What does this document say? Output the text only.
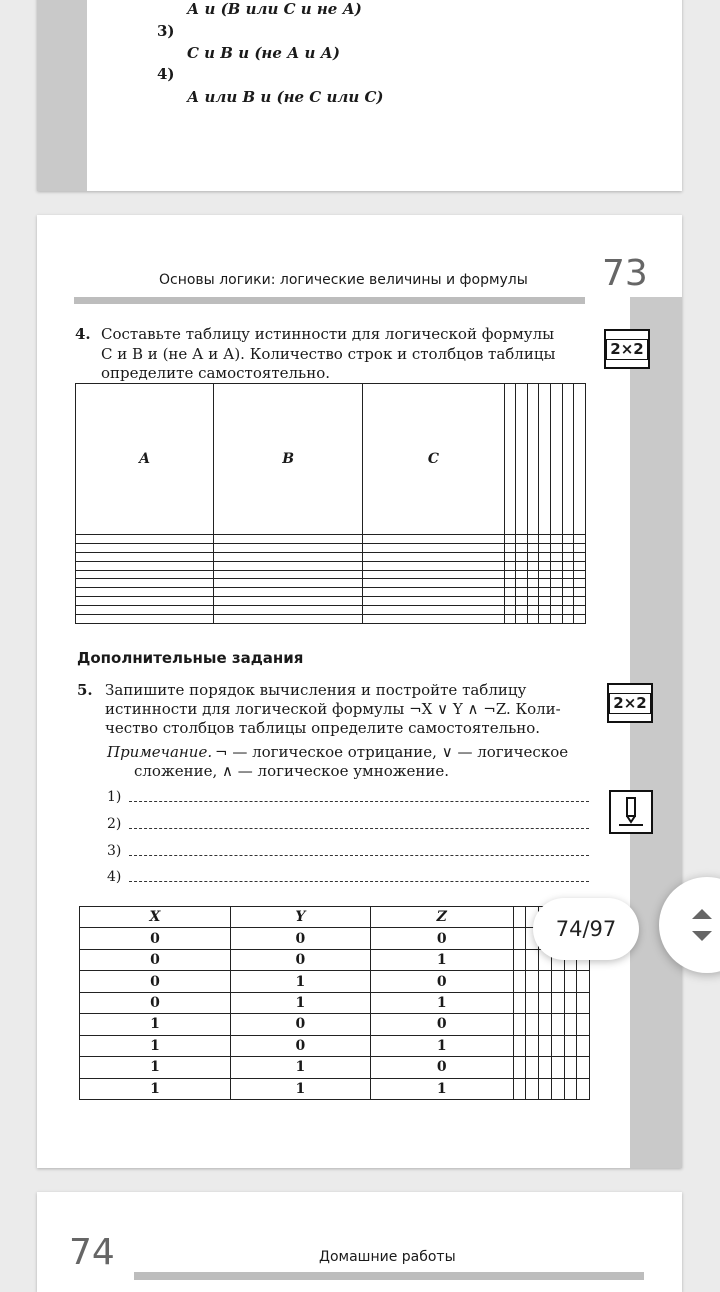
А и (В или С и не А)
3)
С и В и (не А и А)
4)
А или В и (не С или С)
Основы логики: логические величины и формулы 73
4. Составьте таблицу истинности для логической формулы
С и В и (не А и А). Количество строк и столбцов таблицы
определите самостоятельно.
2×2
A	B	C							

Дополнительные задания
5. Запишите порядок вычисления и постройте таблицу
истинности для логической формулы ¬X ∨ Y ∧ ¬Z. Коли-
чество столбцов таблицы определите самостоятельно.
2×2
Примечание. ¬ — логическое отрицание, ∨ — логическое
сложение, ∧ — логическое умножение.
1)
2)
3)
4)
X	Y	Z						
0	0	0						
0	0	1						
0	1	0						
0	1	1						
1	0	0						
1	0	1						
1	1	0						
1	1	1						
74	Домашние работы
74/97
